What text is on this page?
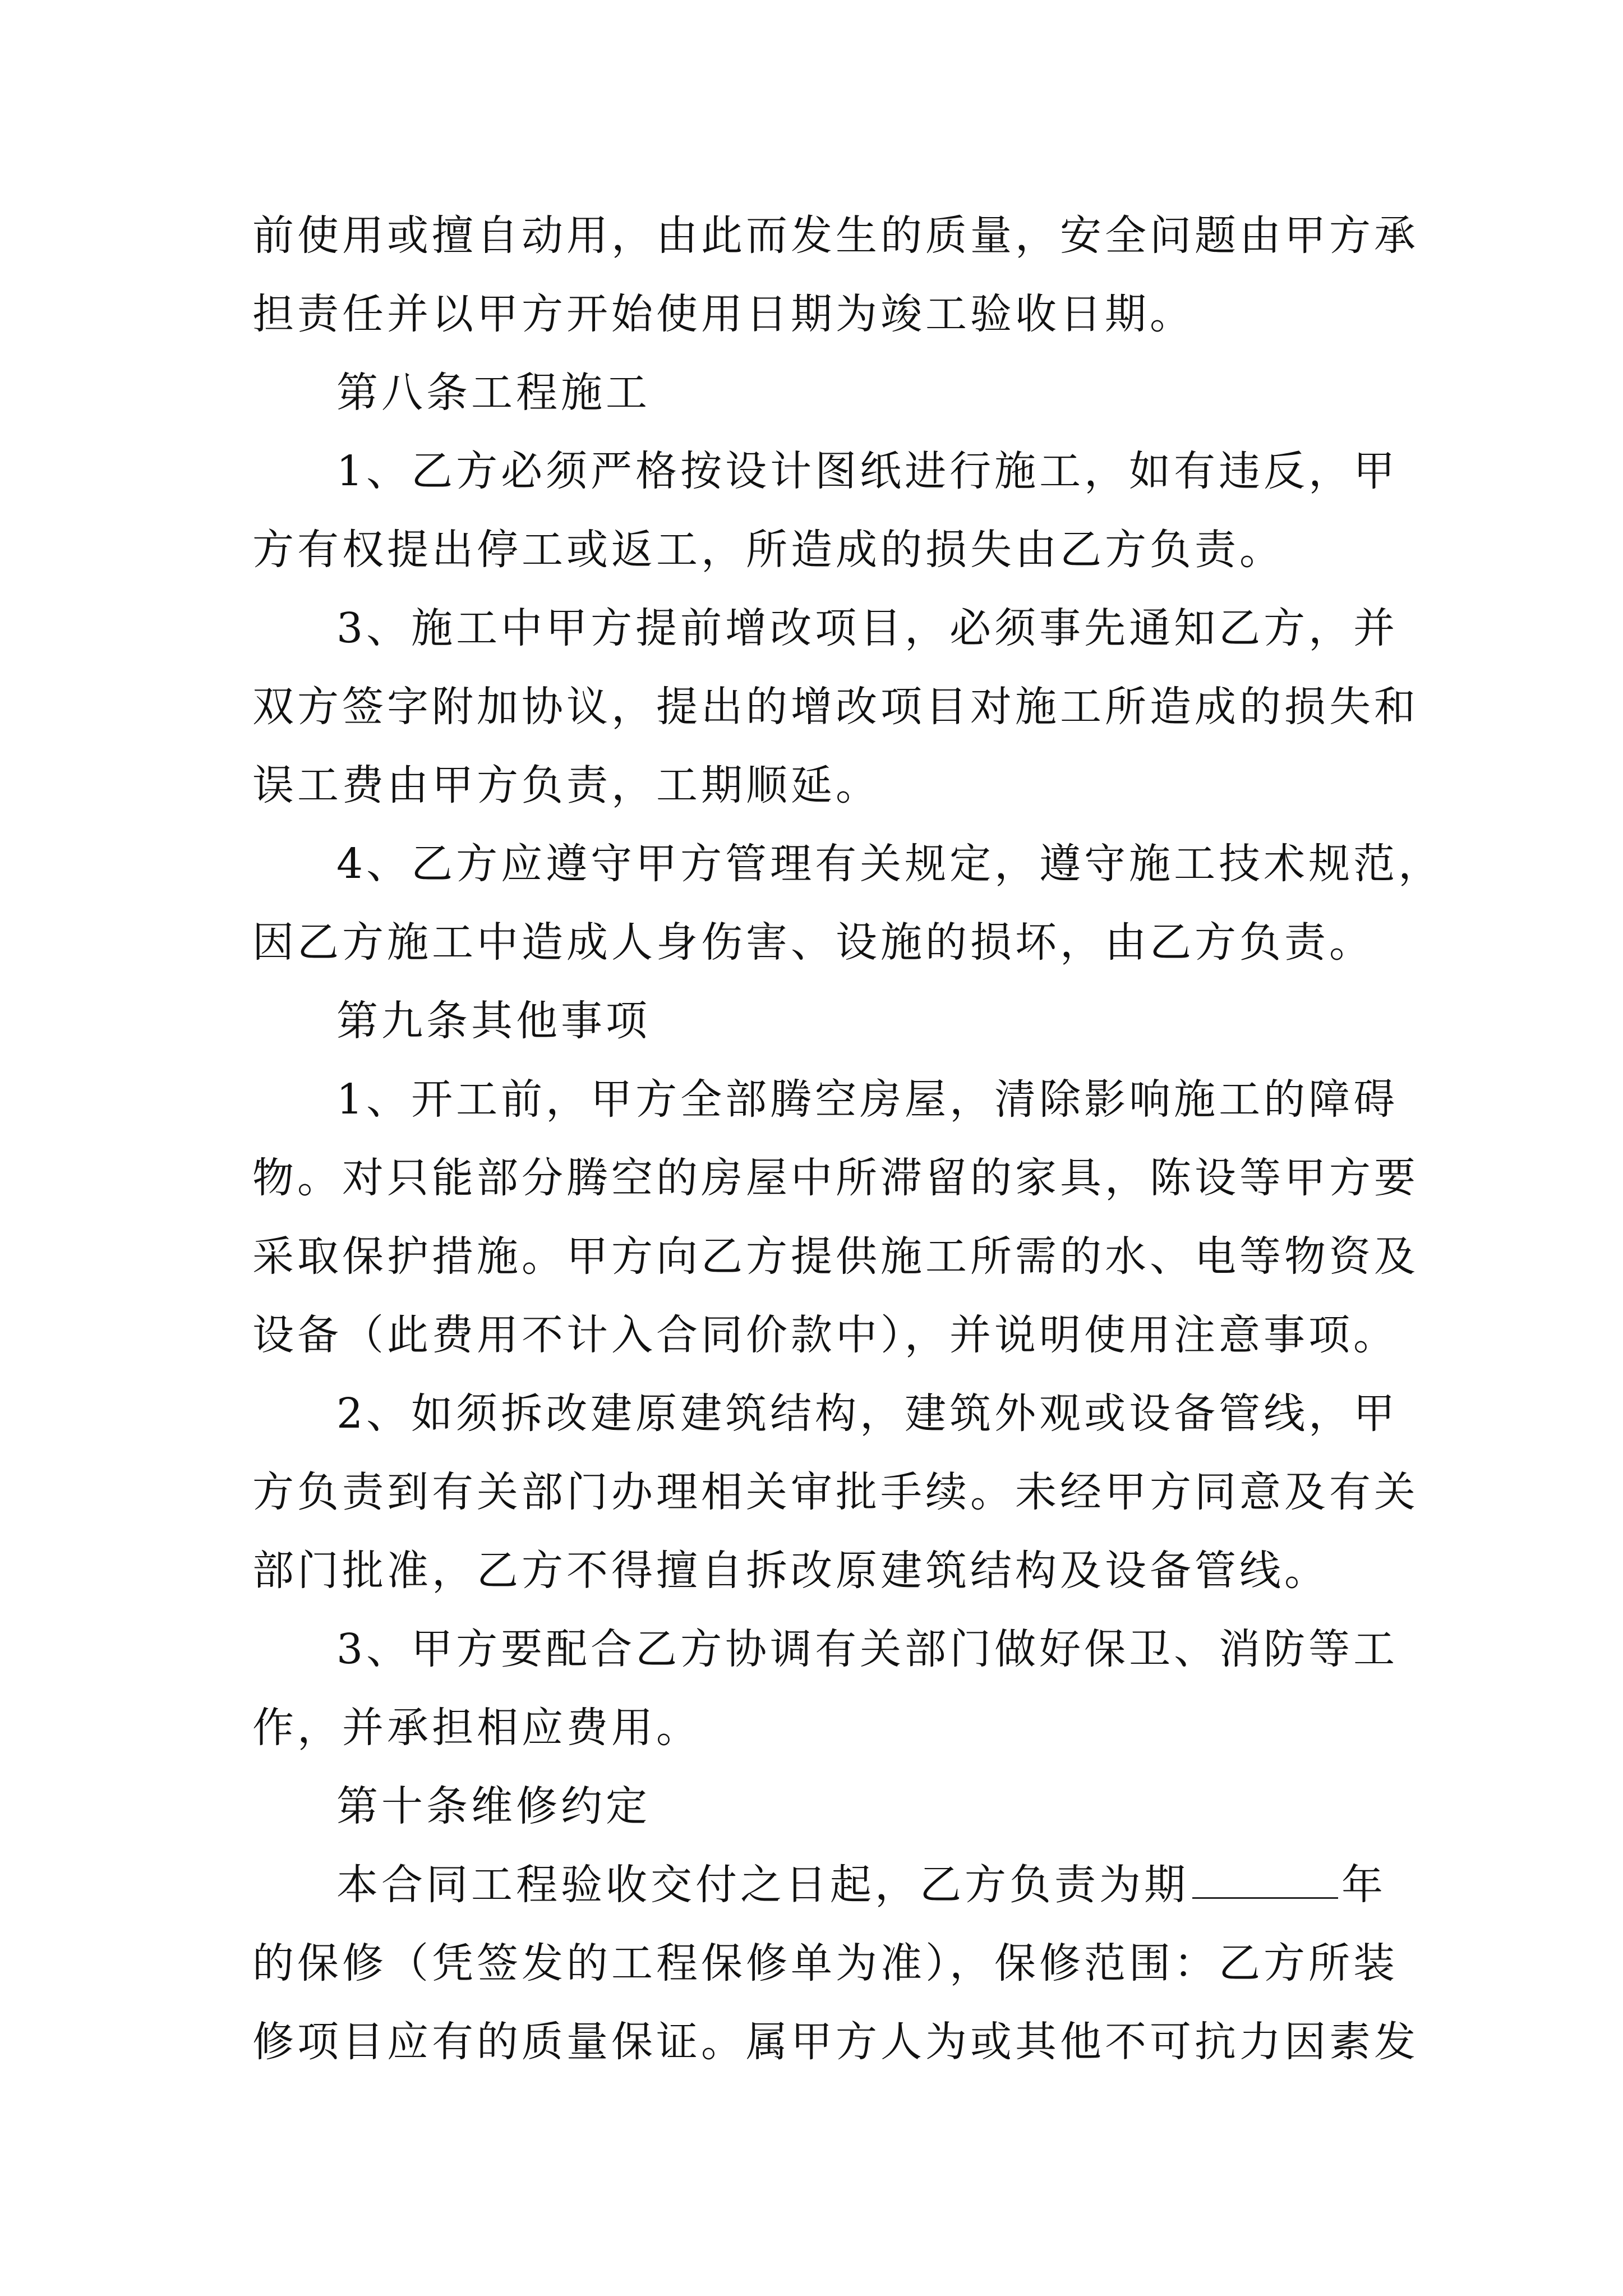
前使用或擅自动用，由此而发生的质量，安全问题由甲方承
担责任并以甲方开始使用日期为竣工验收日期。
第八条工程施工
1、乙方必须严格按设计图纸进行施工，如有违反，甲
方有权提出停工或返工，所造成的损失由乙方负责。
3、施工中甲方提前增改项目，必须事先通知乙方，并
双方签字附加协议，提出的增改项目对施工所造成的损失和
误工费由甲方负责，工期顺延。
4、乙方应遵守甲方管理有关规定，遵守施工技术规范，
因乙方施工中造成人身伤害、设施的损坏，由乙方负责。
第九条其他事项
1、开工前，甲方全部腾空房屋，清除影响施工的障碍
物。对只能部分腾空的房屋中所滞留的家具，陈设等甲方要
采取保护措施。甲方向乙方提供施工所需的水、电等物资及
设备（此费用不计入合同价款中），并说明使用注意事项。
2、如须拆改建原建筑结构，建筑外观或设备管线，甲
方负责到有关部门办理相关审批手续。未经甲方同意及有关
部门批准，乙方不得擅自拆改原建筑结构及设备管线。
3、甲方要配合乙方协调有关部门做好保卫、消防等工
作，并承担相应费用。
第十条维修约定
本合同工程验收交付之日起，乙方负责为期	年
的保修（凭签发的工程保修单为准），保修范围：乙方所装
修项目应有的质量保证。属甲方人为或其他不可抗力因素发
